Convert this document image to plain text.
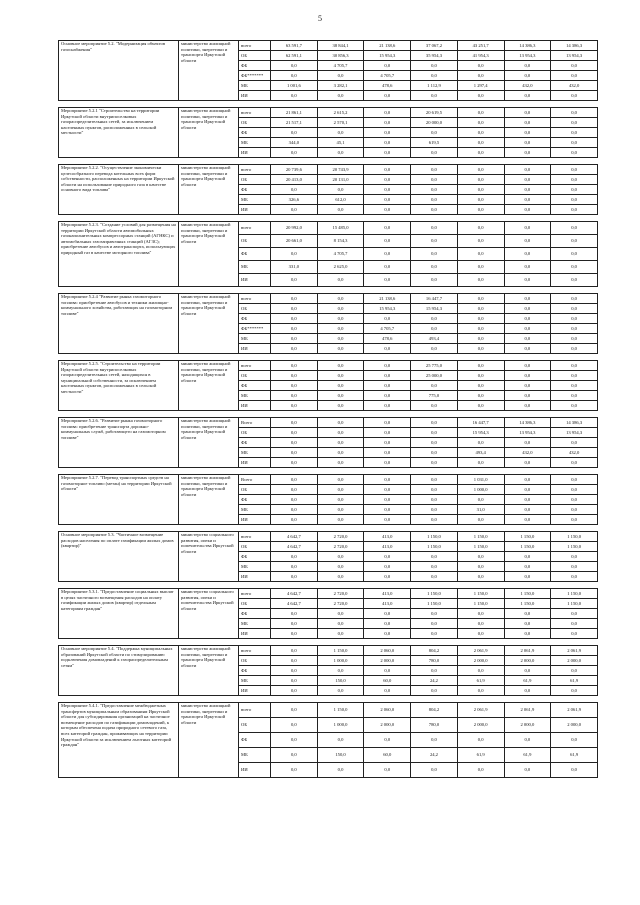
5
Основное мероприятие 5.2. "Модернизация объектов газоснабжения"	министерство жилищной политики, энергетики и транспорта Иркутской области	всего	63 591,7	38 844,1	21 138,6	37 067,2	43 251,7	14 386,3	14 386,3
		ОБ	62 591,1	30 856,3	15 954,3	35 954,3	41 954,3	13 954,3	13 954,3
		ФБ	0,0	4 705,7	0,0	0,0	0,0	0,0	0,0
		ФБ*******	0,0	0,0	4 705,7	0,0	0,0	0,0	0,0
		МБ	1 001,6	3 282,1	478,6	1 112,9	1 297,4	432,0	432,0
		ИИ	0,0	0,0	0,0	0,0	0,0	0,0	0,0

Мероприятие 5.2.1 "Строительство на территории Иркутской области внутрипоселковых газораспределительных сетей, за исключением населенных пунктов, расположенных в сельской местности"	министерство жилищной политики, энергетики и транспорта Иркутской области	всего	21 861,1	2 615,2	0,0	20 619,5	0,0	0,0	0,0
		ОБ	21 517,1	2 570,1	0,0	20 000,0	0,0	0,0	0,0
		ФБ	0,0	0,0	0,0	0,0	0,0	0,0	0,0
		МБ	344,0	45,1	0,0	619,5	0,0	0,0	0,0
		ИИ	0,0	0,0	0,0	0,0	0,0	0,0	0,0

Мероприятие 5.2.2. "Осуществление экономически целесообразного перевода котельных всех форм собственности, расположенных на территории Иркутской области на использование природного газа в качестве основного вида топлива"	министерство жилищной политики, энергетики и транспорта Иркутской области	всего	20 739,6	20 743,9	0,0	0,0	0,0	0,0	0,0
		ОБ	20 413,0	20 131,0	0,0	0,0	0,0	0,0	0,0
		ФБ	0,0	0,0	0,0	0,0	0,0	0,0	0,0
		МБ	326,6	612,0	0,0	0,0	0,0	0,0	0,0
		ИИ	0,0	0,0	0,0	0,0	0,0	0,0	0,0

Мероприятие 5.2.3. "Создание условий для размещения на территории Иркутской области автомобильных газонаполнительных компрессорных станций (АГНКС) и автомобильных газозаправочных станций (АГЗС); приобретение автобусов и автотранспорта, использующих природный газ в качестве моторного топлива"	министерство жилищной политики, энергетики и транспорта Иркутской области	всего	20 992,0	15 485,0	0,0	0,0	0,0	0,0	0,0
		ОБ	20 661,0	8 154,3	0,0	0,0	0,0	0,0	0,0
		ФБ	0,0	4 705,7	0,0	0,0	0,0	0,0	0,0
		МБ	331,0	2 625,0	0,0	0,0	0,0	0,0	0,0
		ИИ	0,0	0,0	0,0	0,0	0,0	0,0	0,0

Мероприятие 5.2.4 "Развитие рынка газомоторного топлива: приобретение автобусов и техники жилищно-коммунального хозяйства, работающих на газомоторном топливе"	министерство жилищной политики, энергетики и транспорта Иркутской области	всего	0,0	0,0	21 138,6	16 447,7	0,0	0,0	0,0
		ОБ	0,0	0,0	15 954,3	15 954,3	0,0	0,0	0,0
		ФБ	0,0	0,0	0,0	0,0	0,0	0,0	0,0
		ФБ*******	0,0	0,0	4 705,7	0,0	0,0	0,0	0,0
		МБ	0,0	0,0	478,6	493,4	0,0	0,0	0,0
		ИИ	0,0	0,0	0,0	0,0	0,0	0,0	0,0

Мероприятие 5.2.5. "Строительство на территории Иркутской области внутрипоселковых газораспределительных сетей, находящихся в муниципальной собственности, за исключением населенных пунктов, расположенных в сельской местности"	министерство жилищной политики, энергетики и транспорта Иркутской области	всего	0,0	0,0	0,0	25 775,0	0,0	0,0	0,0
		ОБ	0,0	0,0	0,0	25 000,0	0,0	0,0	0,0
		ФБ	0,0	0,0	0,0	0,0	0,0	0,0	0,0
		МБ	0,0	0,0	0,0	775,0	0,0	0,0	0,0
		ИИ	0,0	0,0	0,0	0,0	0,0	0,0	0,0

Мероприятие 5.2.6. "Развитие рынка газомоторного топлива: приобретение транспорта дорожно-коммунальных служб, работающего на газомоторном топливе"	министерство жилищной политики, энергетики и транспорта Иркутской области	Всего	0,0	0,0	0,0	0,0	16 447,7	14 386,3	14 386,3
		ОБ	0,0	0,0	0,0	0,0	15 954,3	13 954,3	13 954,3
		ФБ	0,0	0,0	0,0	0,0	0,0	0,0	0,0
		МБ	0,0	0,0	0,0	0,0	493,4	432,0	432,0
		ИИ	0,0	0,0	0,0	0,0	0,0	0,0	0,0

Мероприятие 5.2.7. "Перевод транспортных средств на газомоторное топливо (метан) на территории Иркутской области"	министерство жилищной политики, энергетики и транспорта Иркутской области	Всего	0,0	0,0	0,0	0,0	1 031,0	0,0	0,0
		ОБ	0,0	0,0	0,0	0,0	1 000,0	0,0	0,0
		ФБ	0,0	0,0	0,0	0,0	0,0	0,0	0,0
		МБ	0,0	0,0	0,0	0,0	31,0	0,0	0,0
		ИИ	0,0	0,0	0,0	0,0	0,0	0,0	0,0

Основное мероприятие 5.3. "Частичное возмещение расходов населения по оплате газификации жилых домов (квартир)"	министерство социального развития, опеки и попечительства Иркутской области	всего	4 642,7	2 720,0	413,0	1 150,0	1 150,0	1 150,0	1 150,0
		ОБ	4 642,7	2 720,0	413,0	1 150,0	1 150,0	1 150,0	1 150,0
		ФБ	0,0	0,0	0,0	0,0	0,0	0,0	0,0
		МБ	0,0	0,0	0,0	0,0	0,0	0,0	0,0
		ИИ	0,0	0,0	0,0	0,0	0,0	0,0	0,0

Мероприятие 5.3.1. "Предоставление социальных выплат в целях частичного возмещения расходов на оплату газификации жилых домов (квартир) отдельным категориям граждан"	министерство социального развития, опеки и попечительства Иркутской области	всего	4 642,7	2 720,0	413,0	1 150,0	1 150,0	1 150,0	1 150,0
		ОБ	4 642,7	2 720,0	413,0	1 150,0	1 150,0	1 150,0	1 150,0
		ФБ	0,0	0,0	0,0	0,0	0,0	0,0	0,0
		МБ	0,0	0,0	0,0	0,0	0,0	0,0	0,0
		ИИ	0,0	0,0	0,0	0,0	0,0	0,0	0,0

Основное мероприятие 5.4. "Поддержка муниципальных образований Иркутской области по стимулированию подключения домовладений к газораспределительным сетям"	министерство жилищной политики, энергетики и транспорта Иркутской области	всего	0,0	1 150,0	2 060,0	804,2	2 061,9	2 061,9	2 061,9
		ОБ	0,0	1 000,0	2 000,0	780,0	2 000,0	2 000,0	2 000,0
		ФБ	0,0	0,0	0,0	0,0	0,0	0,0	0,0
		МБ	0,0	150,0	60,0	24,2	61,9	61,9	61,9
		ИИ	0,0	0,0	0,0	0,0	0,0	0,0	0,0

Мероприятие 5.4.1. "Предоставление межбюджетных трансфертов муниципальным образованиям Иркутской области для субсидирования организаций на частичное возмещение расходов по газификации домовладений, к которым обеспечена подача природного сетевого газа, всех категорий граждан, проживающих на территории Иркутской области за исключением льготных категорий граждан"	министерство жилищной политики, энергетики и транспорта Иркутской области	всего	0,0	1 150,0	2 060,0	804,2	2 061,9	2 061,9	2 061,9
		ОБ	0,0	1 000,0	2 000,0	780,0	2 000,0	2 000,0	2 000,0
		ФБ	0,0	0,0	0,0	0,0	0,0	0,0	0,0
		МБ	0,0	150,0	60,0	24,2	61,9	61,9	61,9
		ИИ	0,0	0,0	0,0	0,0	0,0	0,0	0,0
